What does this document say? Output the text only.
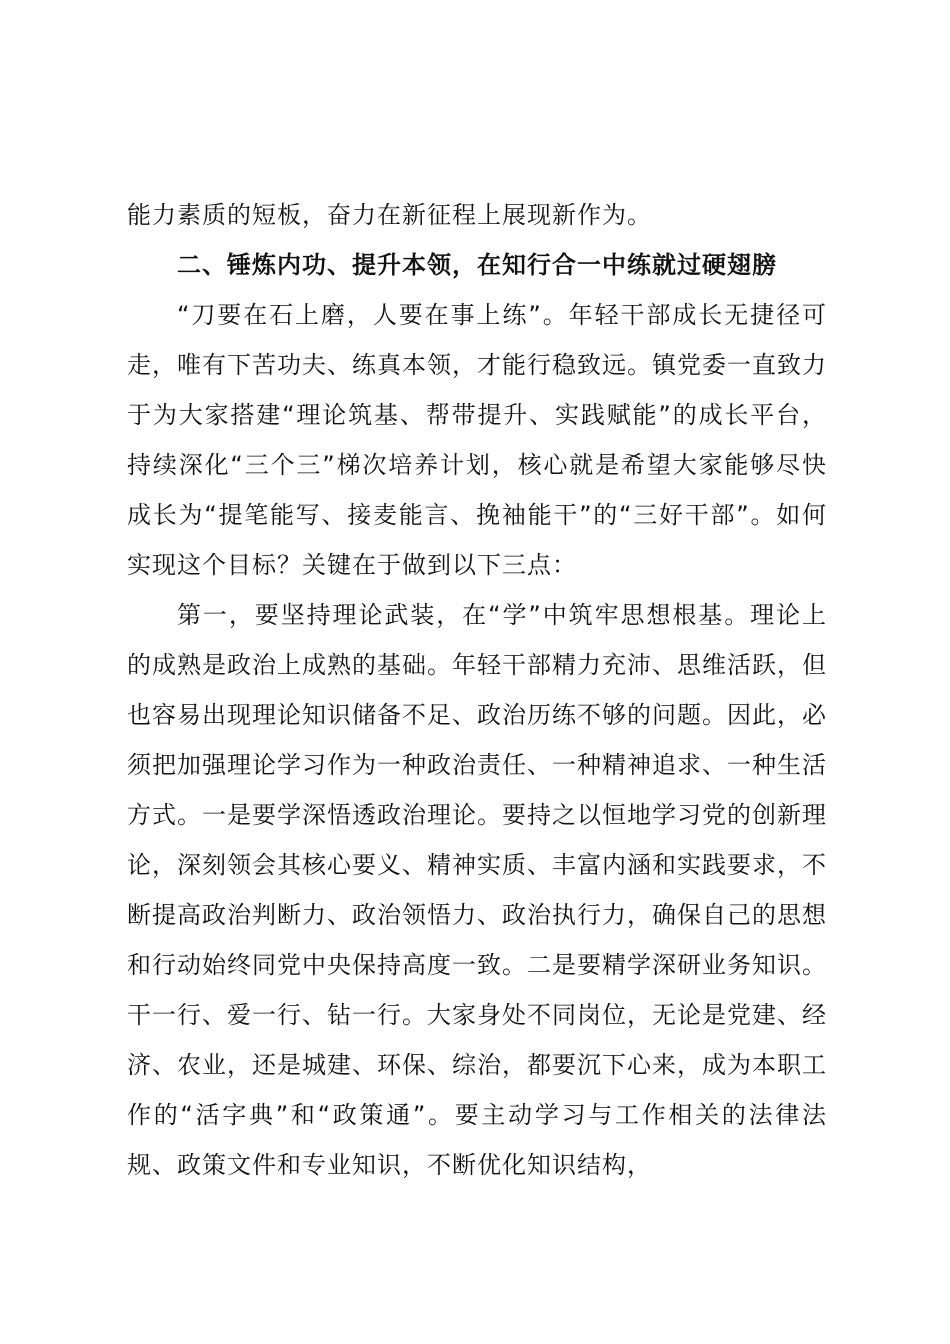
能力素质的短板，奋力在新征程上展现新作为。

二、锤炼内功、提升本领，在知行合一中练就过硬翅膀

“刀要在石上磨，人要在事上练”。年轻干部成长无捷径可走，唯有下苦功夫、练真本领，才能行稳致远。镇党委一直致力于为大家搭建“理论筑基、帮带提升、实践赋能”的成长平台，持续深化“三个三”梯次培养计划，核心就是希望大家能够尽快成长为“提笔能写、接麦能言、挽袖能干”的“三好干部”。如何实现这个目标？关键在于做到以下三点：

第一，要坚持理论武装，在“学”中筑牢思想根基。理论上的成熟是政治上成熟的基础。年轻干部精力充沛、思维活跃，但也容易出现理论知识储备不足、政治历练不够的问题。因此，必须把加强理论学习作为一种政治责任、一种精神追求、一种生活方式。一是要学深悟透政治理论。要持之以恒地学习党的创新理论，深刻领会其核心要义、精神实质、丰富内涵和实践要求，不断提高政治判断力、政治领悟力、政治执行力，确保自己的思想和行动始终同党中央保持高度一致。二是要精学深研业务知识。干一行、爱一行、钻一行。大家身处不同岗位，无论是党建、经济、农业，还是城建、环保、综治，都要沉下心来，成为本职工作的“活字典”和“政策通”。要主动学习与工作相关的法律法规、政策文件和专业知识，不断优化知识结构，
